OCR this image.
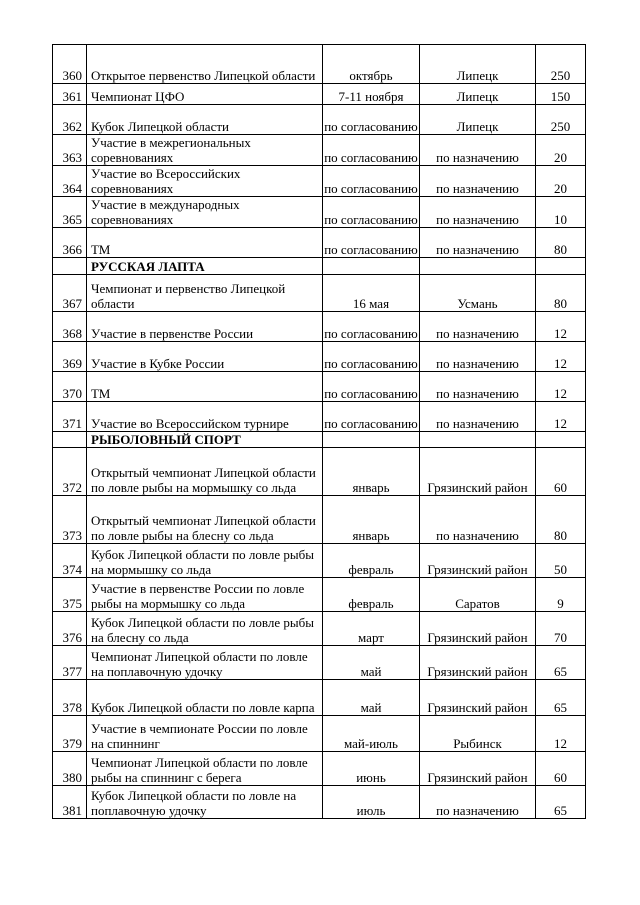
360	Открытое первенство Липецкой области	октябрь	Липецк	250
361	Чемпионат ЦФО	7-11 ноября	Липецк	150
362	Кубок Липецкой области	по согласованию	Липецк	250
363	Участие в межрегиональных соревнованиях	по согласованию	по назначению	20
364	Участие во Всероссийских соревнованиях	по согласованию	по назначению	20
365	Участие в международных соревнованиях	по согласованию	по назначению	10
366	ТМ	по согласованию	по назначению	80
	РУССКАЯ ЛАПТА			
367	Чемпионат и первенство Липецкой области	16 мая	Усмань	80
368	Участие в первенстве России	по согласованию	по назначению	12
369	Участие в Кубке России	по согласованию	по назначению	12
370	ТМ	по согласованию	по назначению	12
371	Участие во Всероссийском турнире	по согласованию	по назначению	12
	РЫБОЛОВНЫЙ СПОРТ			
372	Открытый чемпионат Липецкой области по ловле рыбы на мормышку со льда	январь	Грязинский район	60
373	Открытый чемпионат Липецкой области по ловле рыбы на блесну со льда	январь	по назначению	80
374	Кубок Липецкой области по ловле рыбы на мормышку со льда	февраль	Грязинский район	50
375	Участие в первенстве России по ловле рыбы на мормышку со льда	февраль	Саратов	9
376	Кубок Липецкой области по ловле рыбы на блесну со льда	март	Грязинский район	70
377	Чемпионат Липецкой области по ловле на поплавочную удочку	май	Грязинский район	65
378	Кубок Липецкой области по ловле карпа	май	Грязинский район	65
379	Участие в чемпионате России по ловле на спиннинг	май-июль	Рыбинск	12
380	Чемпионат Липецкой области по ловле рыбы на спиннинг с берега	июнь	Грязинский район	60
381	Кубок Липецкой области по ловле на поплавочную удочку	июль	по назначению	65
